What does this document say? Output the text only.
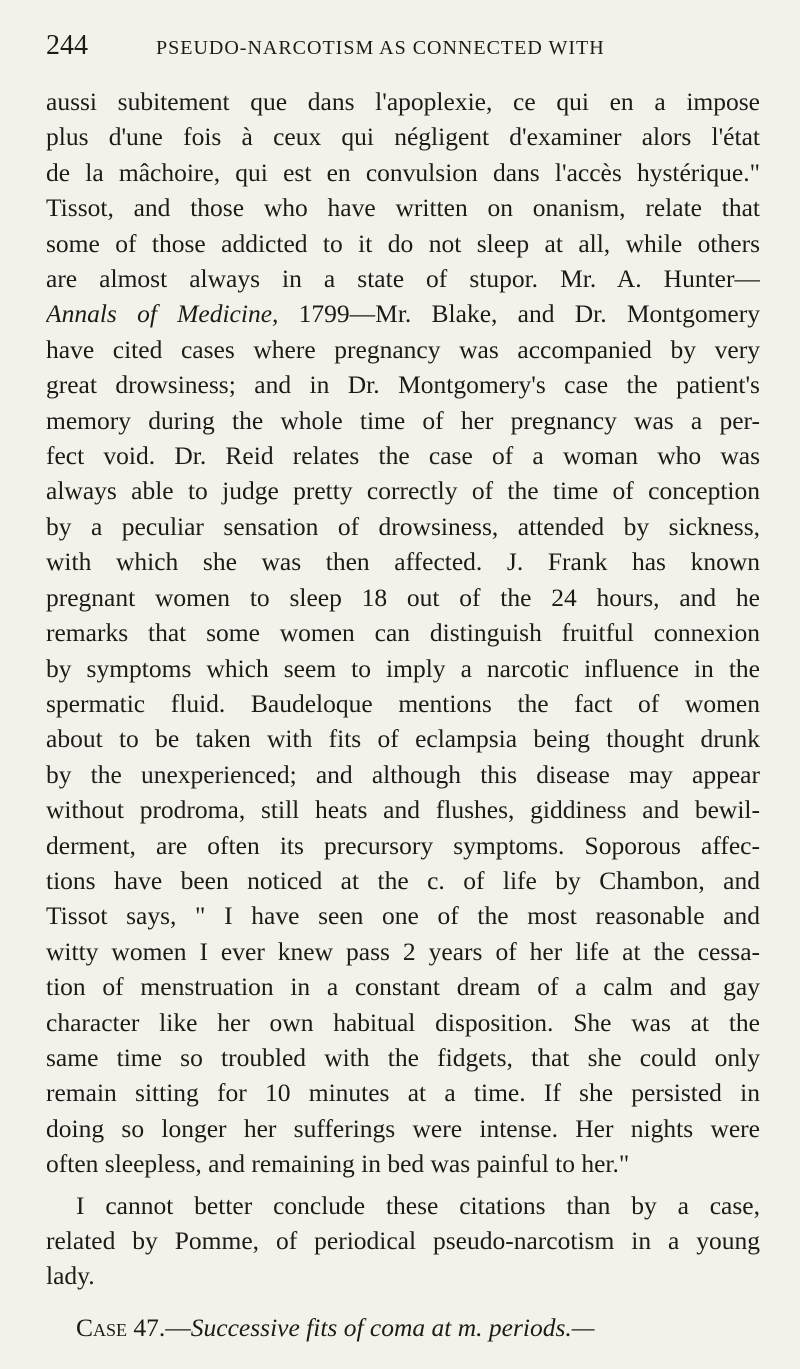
244	PSEUDO-NARCOTISM AS CONNECTED WITH
aussi subitement que dans l'apoplexie, ce qui en a impose
plus d'une fois à ceux qui négligent d'examiner alors l'état
de la mâchoire, qui est en convulsion dans l'accès hystérique."
Tissot, and those who have written on onanism, relate that
some of those addicted to it do not sleep at all, while others
are almost always in a state of stupor. Mr. A. Hunter—
Annals of Medicine, 1799—Mr. Blake, and Dr. Montgomery
have cited cases where pregnancy was accompanied by very
great drowsiness; and in Dr. Montgomery's case the patient's
memory during the whole time of her pregnancy was a per-
fect void. Dr. Reid relates the case of a woman who was
always able to judge pretty correctly of the time of conception
by a peculiar sensation of drowsiness, attended by sickness,
with which she was then affected. J. Frank has known
pregnant women to sleep 18 out of the 24 hours, and he
remarks that some women can distinguish fruitful connexion
by symptoms which seem to imply a narcotic influence in the
spermatic fluid. Baudeloque mentions the fact of women
about to be taken with fits of eclampsia being thought drunk
by the unexperienced; and although this disease may appear
without prodroma, still heats and flushes, giddiness and bewil-
derment, are often its precursory symptoms. Soporous affec-
tions have been noticed at the c. of life by Chambon, and
Tissot says, " I have seen one of the most reasonable and
witty women I ever knew pass 2 years of her life at the cessa-
tion of menstruation in a constant dream of a calm and gay
character like her own habitual disposition. She was at the
same time so troubled with the fidgets, that she could only
remain sitting for 10 minutes at a time. If she persisted in
doing so longer her sufferings were intense. Her nights were
often sleepless, and remaining in bed was painful to her."
I cannot better conclude these citations than by a case,
related by Pomme, of periodical pseudo-narcotism in a young
lady.
Case 47.—Successive fits of coma at m. periods.—
